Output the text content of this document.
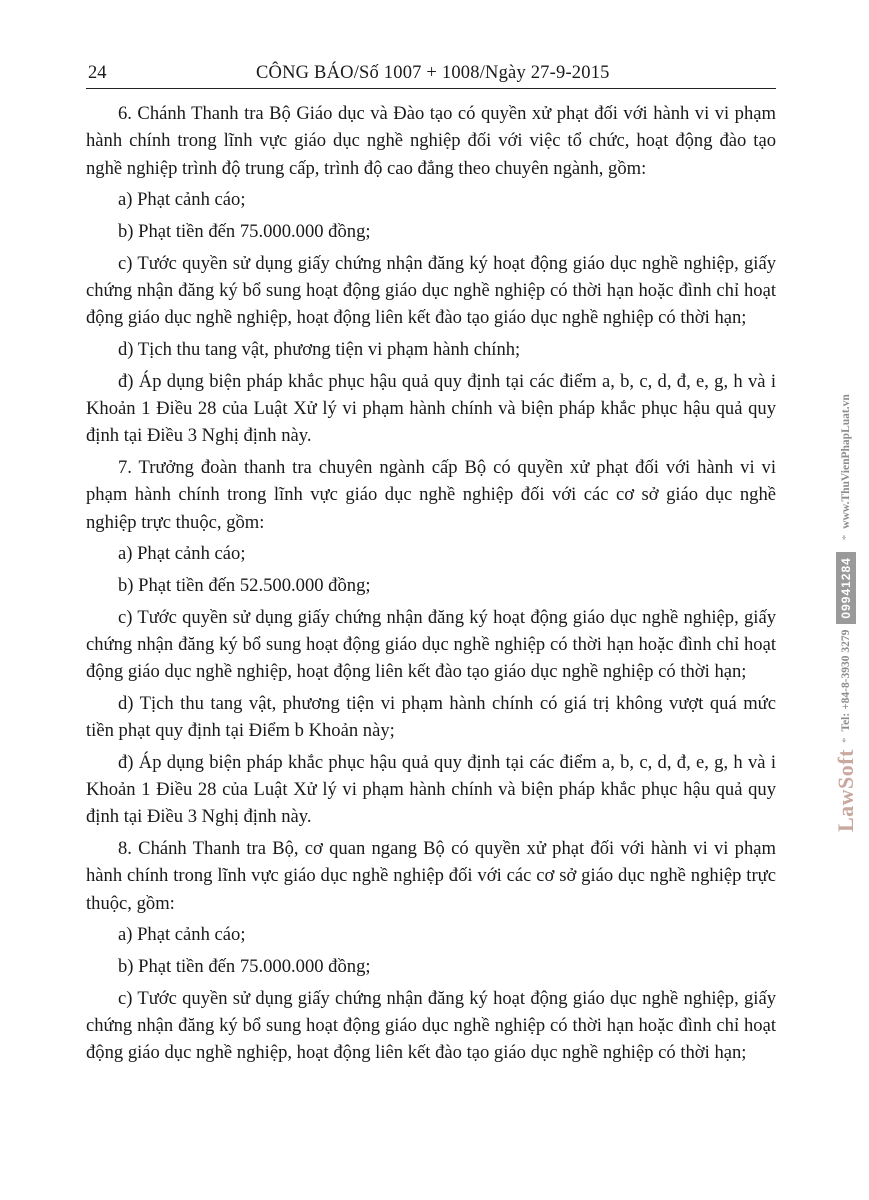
24	CÔNG BÁO/Số 1007 + 1008/Ngày 27-9-2015

6. Chánh Thanh tra Bộ Giáo dục và Đào tạo có quyền xử phạt đối với hành vi vi phạm hành chính trong lĩnh vực giáo dục nghề nghiệp đối với việc tổ chức, hoạt động đào tạo nghề nghiệp trình độ trung cấp, trình độ cao đẳng theo chuyên ngành, gồm:

a) Phạt cảnh cáo;

b) Phạt tiền đến 75.000.000 đồng;

c) Tước quyền sử dụng giấy chứng nhận đăng ký hoạt động giáo dục nghề nghiệp, giấy chứng nhận đăng ký bổ sung hoạt động giáo dục nghề nghiệp có thời hạn hoặc đình chỉ hoạt động giáo dục nghề nghiệp, hoạt động liên kết đào tạo giáo dục nghề nghiệp có thời hạn;

d) Tịch thu tang vật, phương tiện vi phạm hành chính;

đ) Áp dụng biện pháp khắc phục hậu quả quy định tại các điểm a, b, c, d, đ, e, g, h và i Khoản 1 Điều 28 của Luật Xử lý vi phạm hành chính và biện pháp khắc phục hậu quả quy định tại Điều 3 Nghị định này.

7. Trưởng đoàn thanh tra chuyên ngành cấp Bộ có quyền xử phạt đối với hành vi vi phạm hành chính trong lĩnh vực giáo dục nghề nghiệp đối với các cơ sở giáo dục nghề nghiệp trực thuộc, gồm:

a) Phạt cảnh cáo;

b) Phạt tiền đến 52.500.000 đồng;

c) Tước quyền sử dụng giấy chứng nhận đăng ký hoạt động giáo dục nghề nghiệp, giấy chứng nhận đăng ký bổ sung hoạt động giáo dục nghề nghiệp có thời hạn hoặc đình chỉ hoạt động giáo dục nghề nghiệp, hoạt động liên kết đào tạo giáo dục nghề nghiệp có thời hạn;

d) Tịch thu tang vật, phương tiện vi phạm hành chính có giá trị không vượt quá mức tiền phạt quy định tại Điểm b Khoản này;

đ) Áp dụng biện pháp khắc phục hậu quả quy định tại các điểm a, b, c, d, đ, e, g, h và i Khoản 1 Điều 28 của Luật Xử lý vi phạm hành chính và biện pháp khắc phục hậu quả quy định tại Điều 3 Nghị định này.

8. Chánh Thanh tra Bộ, cơ quan ngang Bộ có quyền xử phạt đối với hành vi vi phạm hành chính trong lĩnh vực giáo dục nghề nghiệp đối với các cơ sở giáo dục nghề nghiệp trực thuộc, gồm:

a) Phạt cảnh cáo;

b) Phạt tiền đến 75.000.000 đồng;

c) Tước quyền sử dụng giấy chứng nhận đăng ký hoạt động giáo dục nghề nghiệp, giấy chứng nhận đăng ký bổ sung hoạt động giáo dục nghề nghiệp có thời hạn hoặc đình chỉ hoạt động giáo dục nghề nghiệp, hoạt động liên kết đào tạo giáo dục nghề nghiệp có thời hạn;

LawSoft
*
Tel: +84-8-3930 3279
09941284
*
www.ThuVienPhapLuat.vn
